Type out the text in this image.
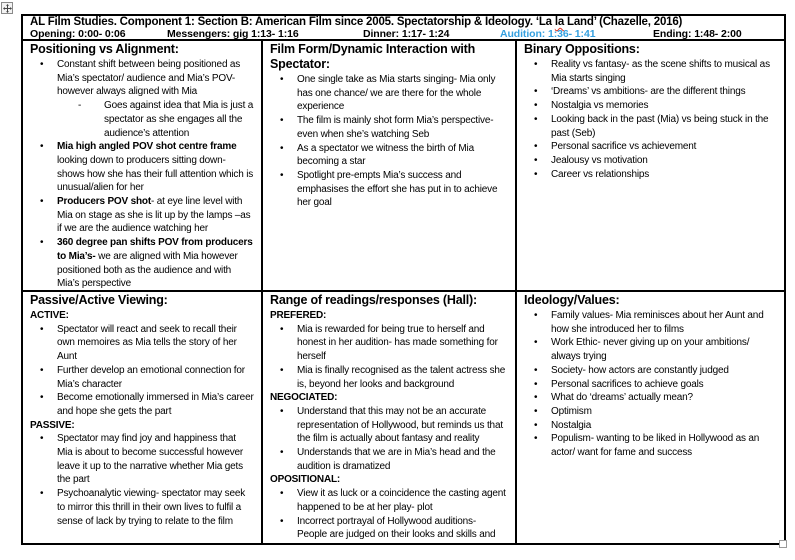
AL Film Studies. Component 1: Section B: American Film since 2005. Spectatorship & Ideology. ‘La la Land’ (Chazelle, 2016)
Opening: 0:00- 0:06	Messengers: gig 1:13- 1:16	Dinner: 1:17- 1:24	Audition: 1:36- 1:41	Ending: 1:48- 2:00
Positioning vs Alignment:
•	Constant shift between being positioned as Mia’s spectator/ audience and Mia’s POV- however always aligned with Mia
-	Goes against idea that Mia is just a spectator as she engages all the audience’s attention
•	Mia high angled POV shot centre frame looking down to producers sitting down- shows how she has their full attention which is unusual/alien for her
•	Producers POV shot- at eye line level with Mia on stage as she is lit up by the lamps –as if we are the audience watching her
•	360 degree pan shifts POV from producers to Mia’s- we are aligned with Mia however positioned both as the audience and with Mia’s perspective
Film Form/Dynamic Interaction with Spectator:
•	One single take as Mia starts singing- Mia only has one chance/ we are there for the whole experience
•	The film is mainly shot form Mia’s perspective- even when she’s watching Seb
•	As a spectator we witness the birth of Mia becoming a star
•	Spotlight pre-empts Mia’s success and emphasises the effort she has put in to achieve her goal
Binary Oppositions:
•	Reality vs fantasy- as the scene shifts to musical as Mia starts singing
•	‘Dreams’ vs ambitions- are the different things
•	Nostalgia vs memories
•	Looking back in the past (Mia) vs being stuck in the past (Seb)
•	Personal sacrifice vs achievement
•	Jealousy vs motivation
•	Career vs relationships
Passive/Active Viewing:
ACTIVE:
•	Spectator will react and seek to recall their own memoires as Mia tells the story of her Aunt
•	Further develop an emotional connection for Mia’s character
•	Become emotionally immersed in Mia’s career and hope she gets the part
PASSIVE:
•	Spectator may find joy and happiness that Mia is about to become successful however leave it up to the narrative whether Mia gets the part
•	Psychoanalytic viewing- spectator may seek to mirror this thrill in their own lives to fulfil a sense of lack by trying to relate to the film
Range of readings/responses (Hall):
PREFERED:
•	Mia is rewarded for being true to herself and honest in her audition- has made something for herself
•	Mia is finally recognised as the talent actress she is, beyond her looks and background
NEGOCIATED:
•	Understand that this may not be an accurate representation of Hollywood, but reminds us that the film is actually about fantasy and reality
•	Understands that we are in Mia’s head and the audition is dramatized
OPOSITIONAL:
•	View it as luck or a coincidence the casting agent happened to be at her play- plot
•	Incorrect portrayal of Hollywood auditions- People are judged on their looks and skills and
Ideology/Values:
•	Family values- Mia reminisces about her Aunt and how she introduced her to films
•	Work Ethic- never giving up on your ambitions/ always trying
•	Society- how actors are constantly judged
•	Personal sacrifices to achieve goals
•	What do ‘dreams’ actually mean?
•	Optimism
•	Nostalgia
•	Populism- wanting to be liked in Hollywood as an actor/ want for fame and success
